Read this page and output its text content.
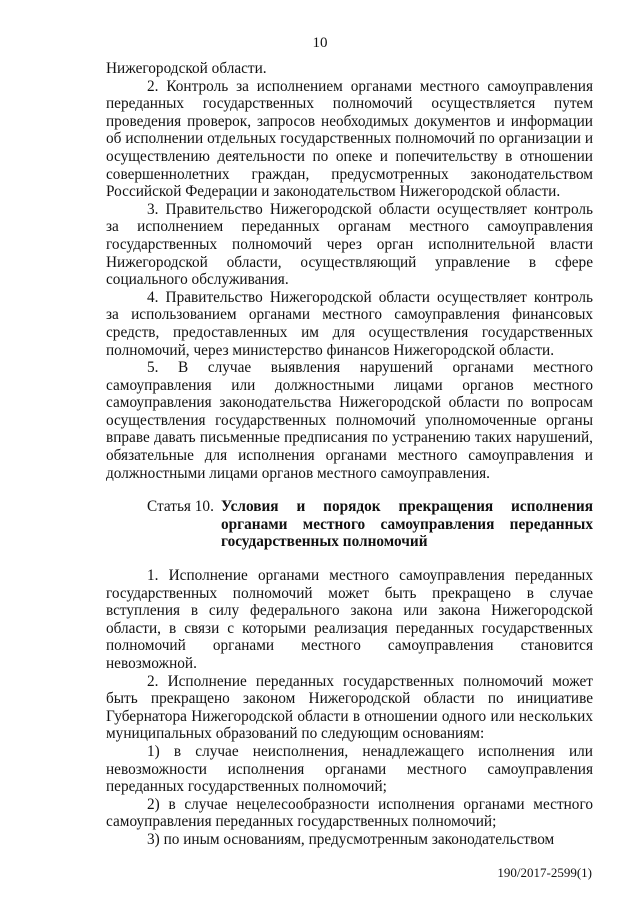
10

Нижегородской области.

2. Контроль за исполнением органами местного самоуправления переданных государственных полномочий осуществляется путем проведения проверок, запросов необходимых документов и информации об исполнении отдельных государственных полномочий по организации и осуществлению деятельности по опеке и попечительству в отношении совершеннолетних граждан, предусмотренных законодательством Российской Федерации и законодательством Нижегородской области.

3. Правительство Нижегородской области осуществляет контроль за исполнением переданных органам местного самоуправления государственных полномочий через орган исполнительной власти Нижегородской области, осуществляющий управление в сфере социального обслуживания.

4. Правительство Нижегородской области осуществляет контроль за использованием органами местного самоуправления финансовых средств, предоставленных им для осуществления государственных полномочий, через министерство финансов Нижегородской области.

5. В случае выявления нарушений органами местного самоуправления или должностными лицами органов местного самоуправления законодательства Нижегородской области по вопросам осуществления государственных полномочий уполномоченные органы вправе давать письменные предписания по устранению таких нарушений, обязательные для исполнения органами местного самоуправления и должностными лицами органов местного самоуправления.

Статья 10. Условия и порядок прекращения исполнения органами местного самоуправления переданных государственных полномочий

1. Исполнение органами местного самоуправления переданных государственных полномочий может быть прекращено в случае вступления в силу федерального закона или закона Нижегородской области, в связи с которыми реализация переданных государственных полномочий органами местного самоуправления становится невозможной.

2. Исполнение переданных государственных полномочий может быть прекращено законом Нижегородской области по инициативе Губернатора Нижегородской области в отношении одного или нескольких муниципальных образований по следующим основаниям:

1) в случае неисполнения, ненадлежащего исполнения или невозможности исполнения органами местного самоуправления переданных государственных полномочий;

2) в случае нецелесообразности исполнения органами местного самоуправления переданных государственных полномочий;

3) по иным основаниям, предусмотренным законодательством

190/2017-2599(1)
